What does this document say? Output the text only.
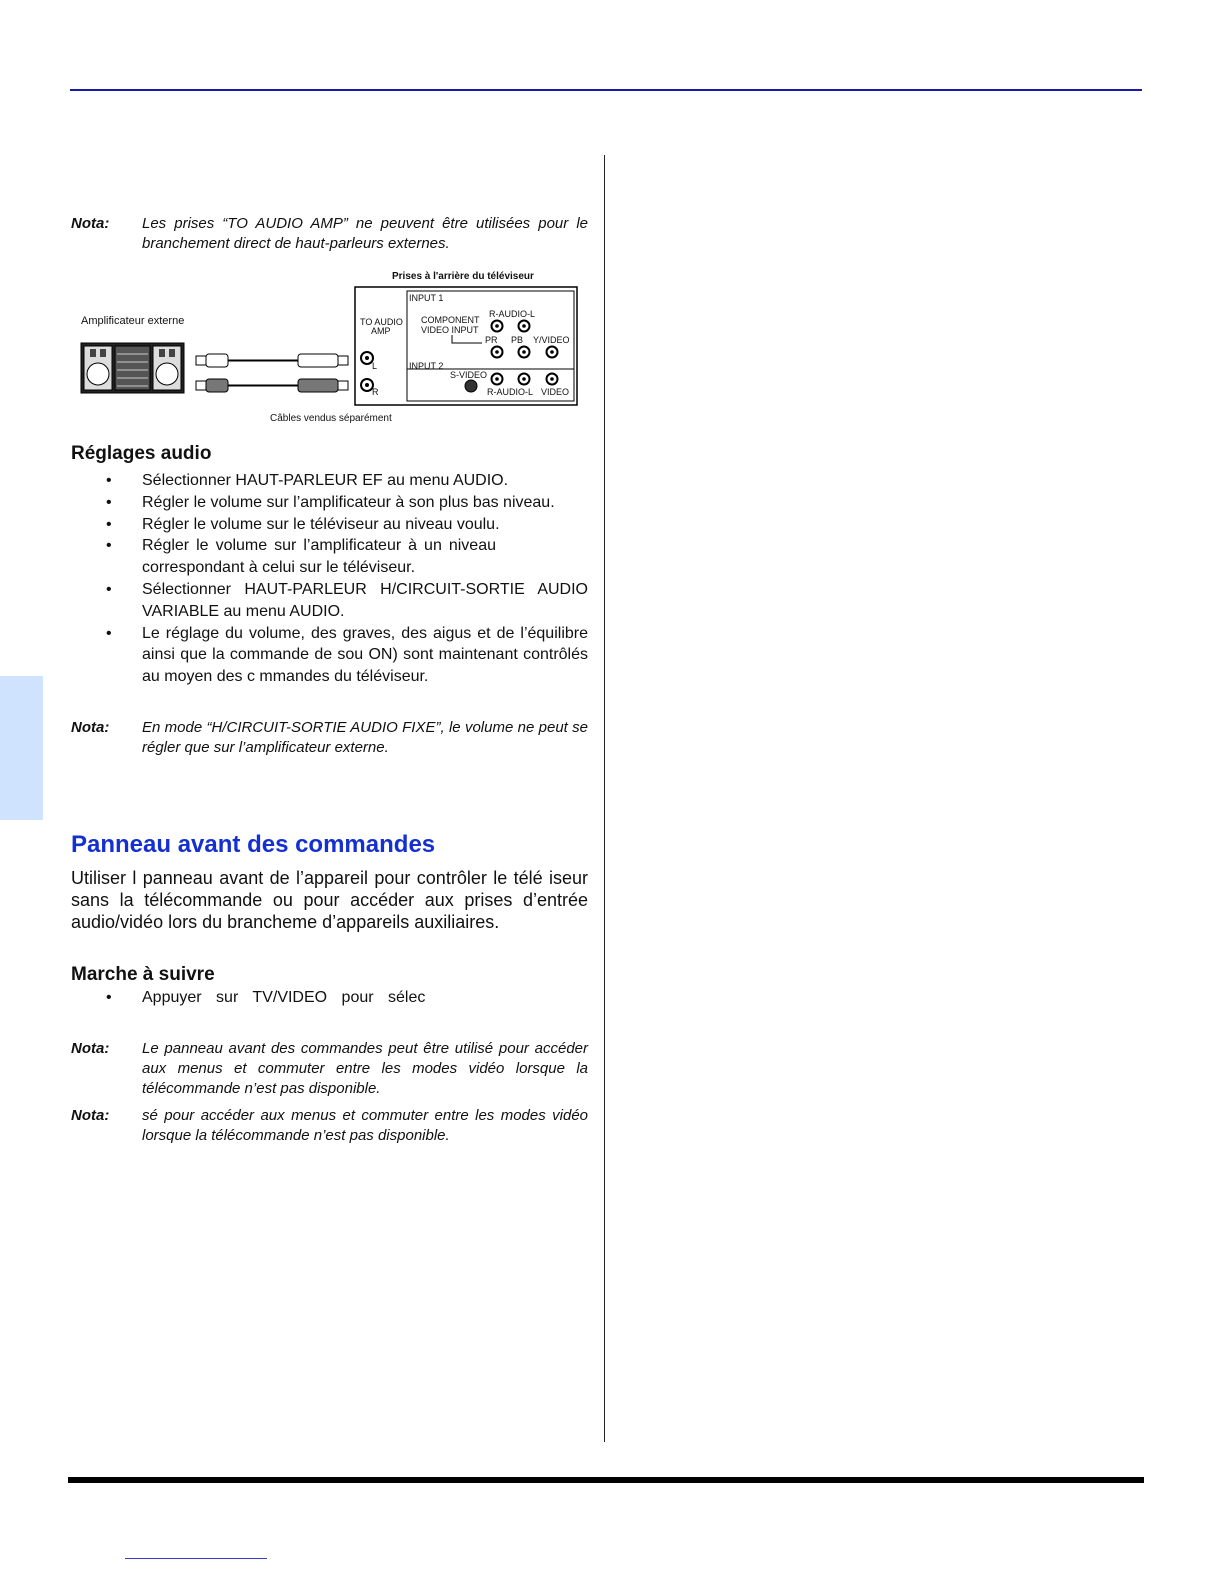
Nota: Les prises “TO AUDIO AMP” ne peuvent être utilisées pour le branchement direct de haut-parleurs externes.
Prises à l'arrière du téléviseur
Amplificateur externe
Câbles vendus séparément
TO AUDIO
AMP
L
R
INPUT 1
COMPONENT
VIDEO INPUT
R-AUDIO-L
PR PB Y/VIDEO
INPUT 2
S-VIDEO
R-AUDIO-L VIDEO
Réglages audio
• Sélectionner HAUT-PARLEUR EF au menu AUDIO.
• Régler le volume sur l’amplificateur à son plus bas niveau.
• Régler le volume sur le téléviseur au niveau voulu.
• Régler le volume sur l’amplificateur à un niveau correspondant à celui sur le téléviseur.
• Sélectionner HAUT-PARLEUR H/CIRCUIT-SORTIE AUDIO VARIABLE au menu AUDIO.
• Le réglage du volume, des graves, des aigus et de l’équilibre ainsi que la commande de sou ON) sont maintenant contrôlés au moyen des c mmandes du téléviseur.
Nota: En mode “H/CIRCUIT-SORTIE AUDIO FIXE”, le volume ne peut se régler que sur l’amplificateur externe.
Panneau avant des commandes
Utiliser l panneau avant de l’appareil pour contrôler le télé iseur sans la télécommande ou pour accéder aux prises d’entrée audio/vidéo lors du brancheme d’appareils auxiliaires.
Marche à suivre
• Appuyer sur TV/VIDEO pour sélec
Nota: Le panneau avant des commandes peut être utilisé pour accéder aux menus et commuter entre les modes vidéo lorsque la télécommande n’est pas disponible.
Nota: sé pour accéder aux menus et commuter entre les modes vidéo lorsque la télécommande n’est pas disponible.
